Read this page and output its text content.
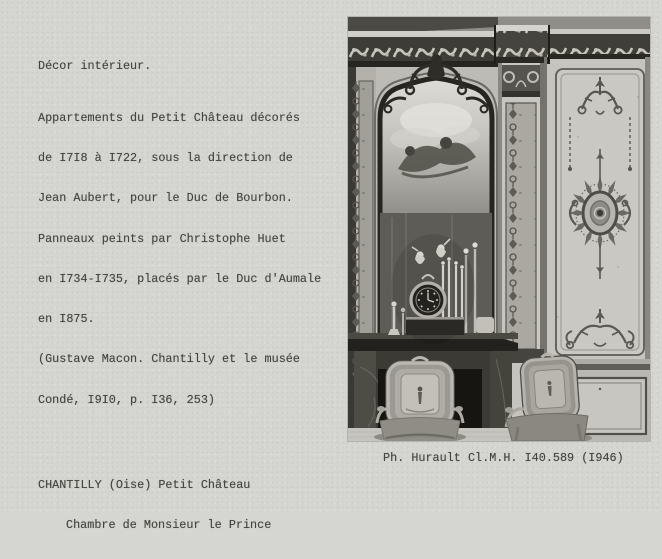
Décor intérieur.

Appartements du Petit Château décorés

de I7I8 à I722, sous la direction de

Jean Aubert, pour le Duc de Bourbon.

Panneaux peints par Christophe Huet

en I734-I735, placés par le Duc d'Aumale

en I875.

(Gustave Macon. Chantilly et le musée

Condé, I9I0, p. I36, 253)

CHANTILLY (Oise) Petit Château

Chambre de Monsieur le Prince

Ph. Hurault Cl.M.H. I40.589 (I946)
